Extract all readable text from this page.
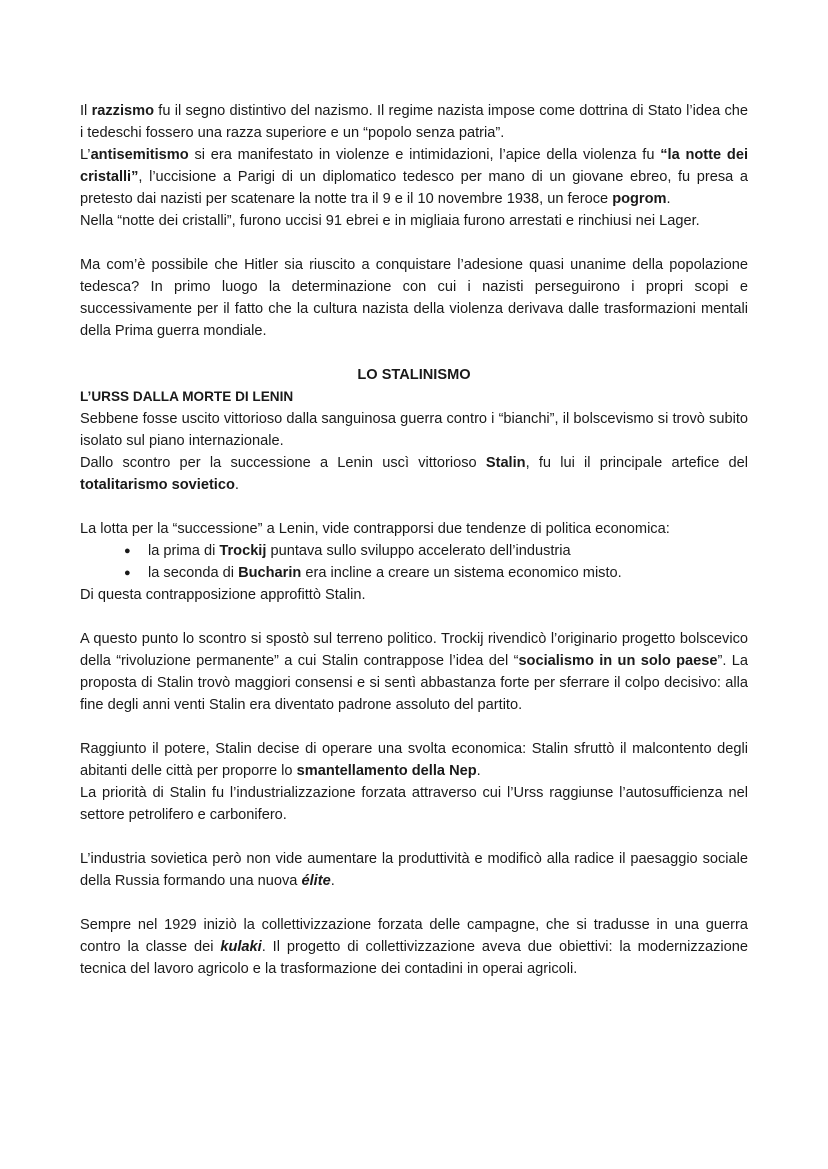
Il razzismo fu il segno distintivo del nazismo. Il regime nazista impose come dottrina di Stato l’idea che i tedeschi fossero una razza superiore e un “popolo senza patria”.

L’antisemitismo si era manifestato in violenze e intimidazioni, l’apice della violenza fu “la notte dei cristalli”, l’uccisione a Parigi di un diplomatico tedesco per mano di un giovane ebreo, fu presa a pretesto dai nazisti per scatenare la notte tra il 9 e il 10 novembre 1938, un feroce pogrom.

Nella “notte dei cristalli”, furono uccisi 91 ebrei e in migliaia furono arrestati e rinchiusi nei Lager.

Ma com’è possibile che Hitler sia riuscito a conquistare l’adesione quasi unanime della popolazione tedesca? In primo luogo la determinazione con cui i nazisti perseguirono i propri scopi e successivamente per il fatto che la cultura nazista della violenza derivava dalle trasformazioni mentali della Prima guerra mondiale.

LO STALINISMO

L’URSS DALLA MORTE DI LENIN

Sebbene fosse uscito vittorioso dalla sanguinosa guerra contro i “bianchi”, il bolscevismo si trovò subito isolato sul piano internazionale.

Dallo scontro per la successione a Lenin uscì vittorioso Stalin, fu lui il principale artefice del totalitarismo sovietico.

La lotta per la “successione” a Lenin, vide contrapporsi due tendenze di politica economica:

● la prima di Trockij puntava sullo sviluppo accelerato dell’industria
● la seconda di Bucharin era incline a creare un sistema economico misto.

Di questa contrapposizione approfittò Stalin.

A questo punto lo scontro si spostò sul terreno politico. Trockij rivendicò l’originario progetto bolscevico della “rivoluzione permanente” a cui Stalin contrappose l’idea del “socialismo in un solo paese”. La proposta di Stalin trovò maggiori consensi e si sentì abbastanza forte per sferrare il colpo decisivo: alla fine degli anni venti Stalin era diventato padrone assoluto del partito.

Raggiunto il potere, Stalin decise di operare una svolta economica: Stalin sfruttò il malcontento degli abitanti delle città per proporre lo smantellamento della Nep.

La priorità di Stalin fu l’industrializzazione forzata attraverso cui l’Urss raggiunse l’autosufficienza nel settore petrolifero e carbonifero.

L’industria sovietica però non vide aumentare la produttività e modificò alla radice il paesaggio sociale della Russia formando una nuova élite.

Sempre nel 1929 iniziò la collettivizzazione forzata delle campagne, che si tradusse in una guerra contro la classe dei kulaki. Il progetto di collettivizzazione aveva due obiettivi: la modernizzazione tecnica del lavoro agricolo e la trasformazione dei contadini in operai agricoli.
